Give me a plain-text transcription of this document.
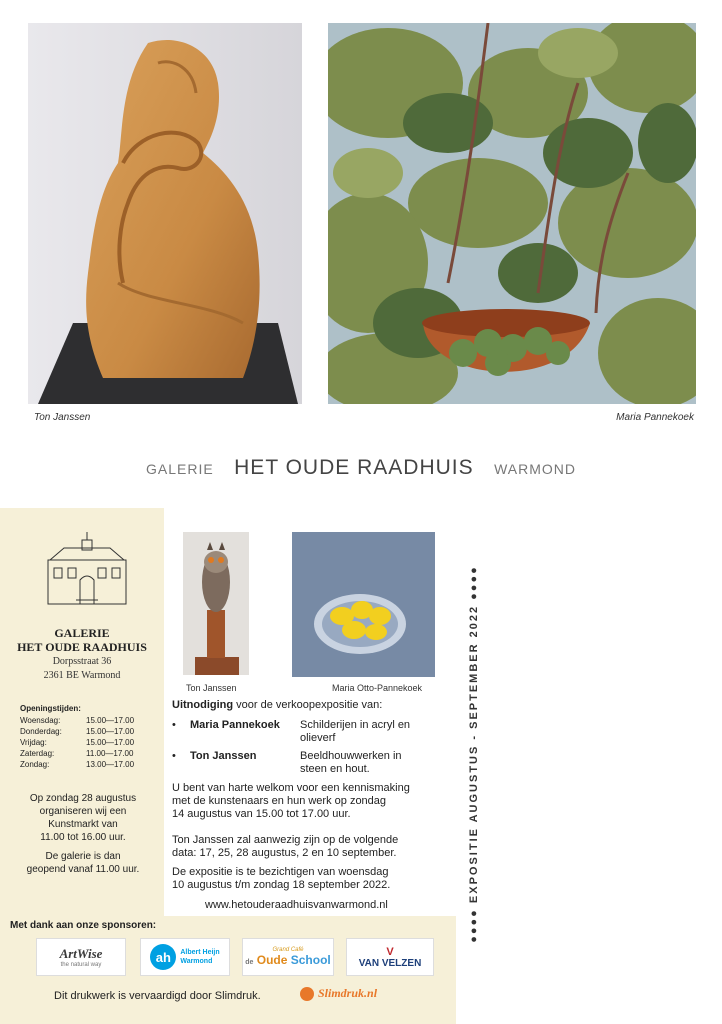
Ton Janssen	Maria Pannekoek
GALERIE HET OUDE RAADHUIS WARMOND
GALERIE
HET OUDE RAADHUIS
Dorpsstraat 36
2361 BE Warmond
Openingstijden:
Woensdag:	15.00—17.00
Donderdag:	15.00—17.00
Vrijdag:	15.00—17.00
Zaterdag:	11.00—17.00
Zondag:	13.00—17.00
Op zondag 28 augustus
organiseren wij een
Kunstmarkt van
11.00 tot 16.00 uur.
De galerie is dan
geopend vanaf 11.00 uur.
Ton Janssen	Maria Otto-Pannekoek
Uitnodiging voor de verkoopexpositie van:
•	Maria Pannekoek	Schilderijen in acryl en
olieverf
•	Ton Janssen	Beeldhouwwerken in
steen en hout.
U bent van harte welkom voor een kennismaking
met de kunstenaars en hun werk op zondag
14 augustus van 15.00 tot 17.00 uur.
Ton Janssen zal aanwezig zijn op de volgende
data: 17, 25, 28 augustus, 2 en 10 september.
De expositie is te bezichtigen van woensdag
10 augustus t/m zondag 18 september 2022.
www.hetouderaadhuisvanwarmond.nl	●●●● EXPOSITIE AUGUSTUS - SEPTEMBER 2022 ●●●●
Met dank aan onze sponsoren:
ArtWise
the natural way
ah Albert Heijn
Warmond
Grand Café
de Oude School
V
VAN VELZEN
Dit drukwerk is vervaardigd door Slimdruk.	Slimdruk.nl
